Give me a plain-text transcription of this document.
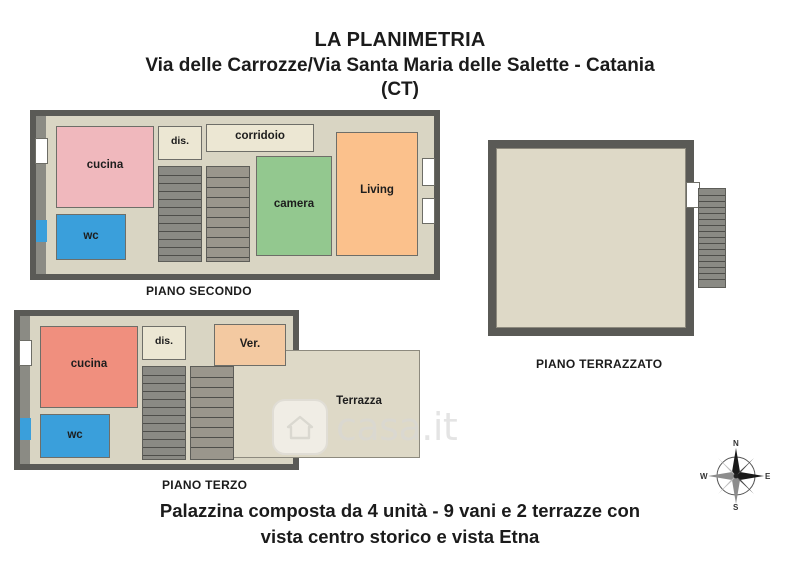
LA PLANIMETRIA
Via delle Carrozze/Via Santa Maria delle Salette - Catania
(CT)
cucina
wc
dis.	corridoio
camera
Living
PIANO SECONDO
Terrazza
cucina
wc
dis.	Ver.
PIANO TERZO
PIANO TERRAZZATO
casa.it	N
E
S
W
Palazzina composta da 4 unità - 9 vani e 2 terrazze con
vista centro storico e vista Etna
